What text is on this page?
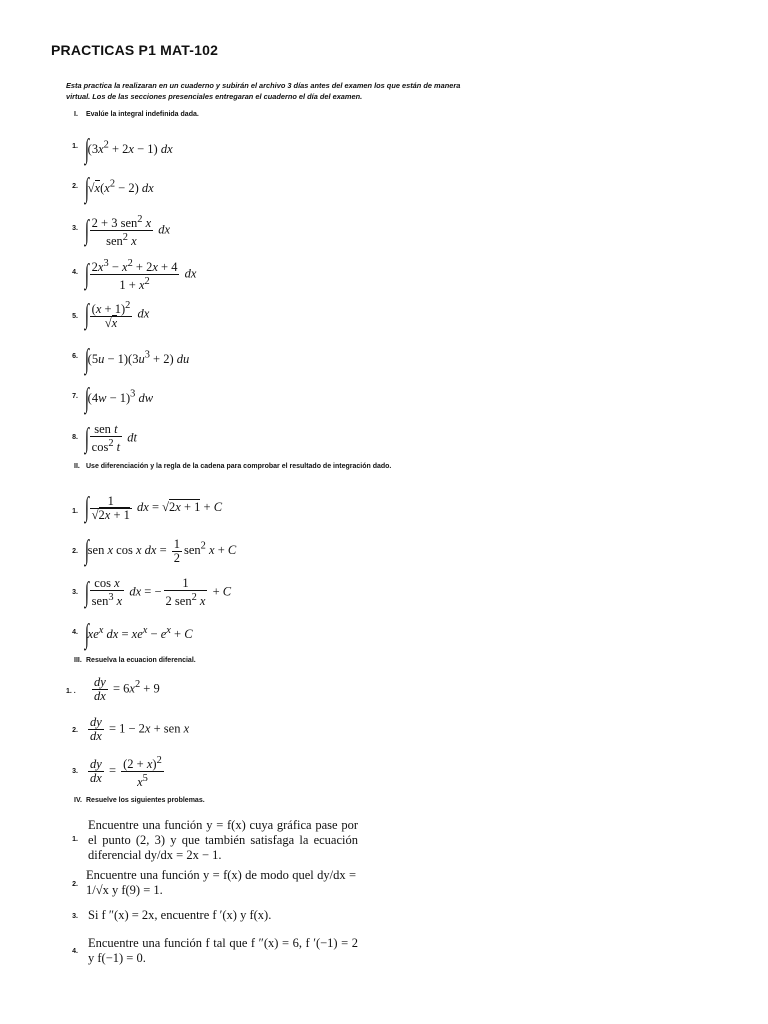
PRACTICAS P1 MAT-102
Esta practica la realizaran en un cuaderno y subirán el archivo 3 días antes del examen los que están de manera virtual. Los de las secciones presenciales entregaran el cuaderno el día del examen.
I. Evalúe la integral indefinida dada.
1. $\int(3x^2 + 2x - 1)$ dx
2. $\int√x(x^2 - 2)$ dx
3. ∫ 2 + 3 sen$^2$ x
sen$^2$ x
dx
4. ∫ $\frac{2x^3 - x^2 + 2x + 4}{1 + x^2}$ dx
5. ∫ $\frac{(x + 1)^2}{√x}$ dx
6. $\int(5u - 1)(3u^3 + 2)$ du
7. $\int(4w - 1)^3$ dw
8. ∫ sen t
$\cos^2 t$
dt
II. Use diferenciación y la regla de la cadena para comprobar el resultado de integración dado.
1. ∫ $\frac{1}{√2x + 1}$ dx = √2x + 1 + C
2. ∫sen x cos x dx = $\frac{1}{2} sen^2$ x + C
3. ∫ cos x
sen$^3$ x
dx = −
1
2 sen$^2$ x
+ C
4. $\int xe^x$ dx = $xe^x - e^x + C$
III. Resuelva la ecuacion diferencial.
1. .	$\frac{dy}{dx} = 6x^2 + 9$
2. $\frac{dy}{dx} = 1 - 2x$ + sen x
3. $\frac{dy}{dx} = \frac{(2 + x)^2}{x^5}$
IV. Resuelve los siguientes problemas.
1.
Encuentre una función y = f(x) cuya gráfica pase por el punto (2, 3) y que también satisfaga la ecuación diferencial dy/dx = 2x − 1.
2.
Encuentre una función y = f(x) de modo quel dy/dx = 1/√x y f(9) = 1.
3. Si f ″(x) = 2x, encuentre f ′(x) y f(x).
4.
Encuentre una función f tal que f ″(x) = 6, f ′(−1) = 2 y f(−1) = 0.
